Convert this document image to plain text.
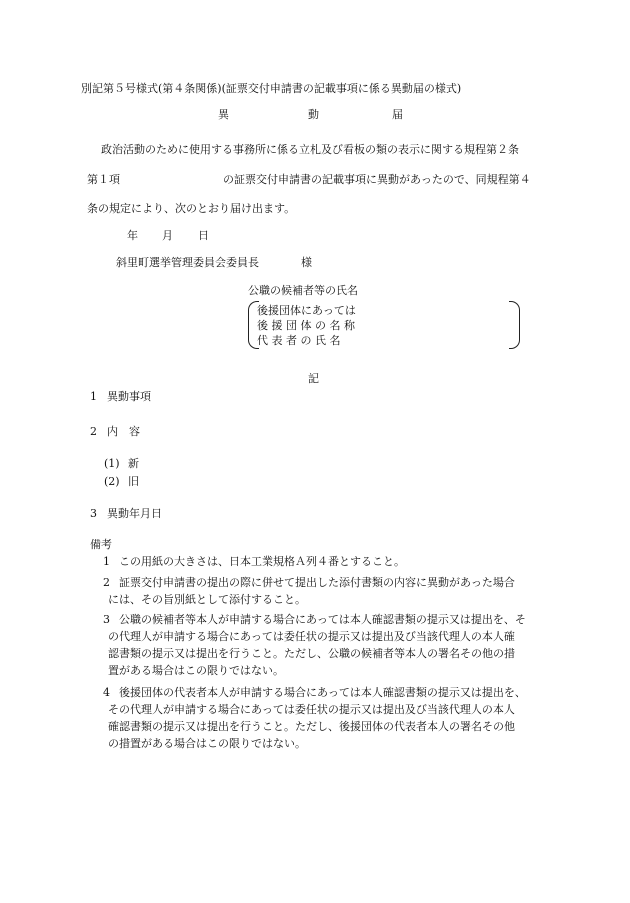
別記第５号様式(第４条関係)(証票交付申請書の記載事項に係る異動届の様式)
異	動	届
政治活動のために使用する事務所に係る立札及び看板の類の表示に関する規程第２条
第１項	の証票交付申請書の記載事項に異動があったので、同規程第４
条の規定により、次のとおり届け出ます。
年 月 日
斜里町選挙管理委員会委員長	様
公職の候補者等の氏名
後援団体にあっては
後 援 団 体 の 名 称
代 表 者 の 氏 名
記
1 異動事項
2 内　容
(1) 新
(2) 旧
3 異動年月日
備考
1 この用紙の大きさは、日本工業規格Ａ列４番とすること。
2 証票交付申請書の提出の際に併せて提出した添付書類の内容に異動があった場合
には、その旨別紙として添付すること。
3 公職の候補者等本人が申請する場合にあっては本人確認書類の提示又は提出を、そ
の代理人が申請する場合にあっては委任状の提示又は提出及び当該代理人の本人確
認書類の提示又は提出を行うこと。ただし、公職の候補者等本人の署名その他の措
置がある場合はこの限りではない。
4 後援団体の代表者本人が申請する場合にあっては本人確認書類の提示又は提出を、
その代理人が申請する場合にあっては委任状の提示又は提出及び当該代理人の本人
確認書類の提示又は提出を行うこと。ただし、後援団体の代表者本人の署名その他
の措置がある場合はこの限りではない。
